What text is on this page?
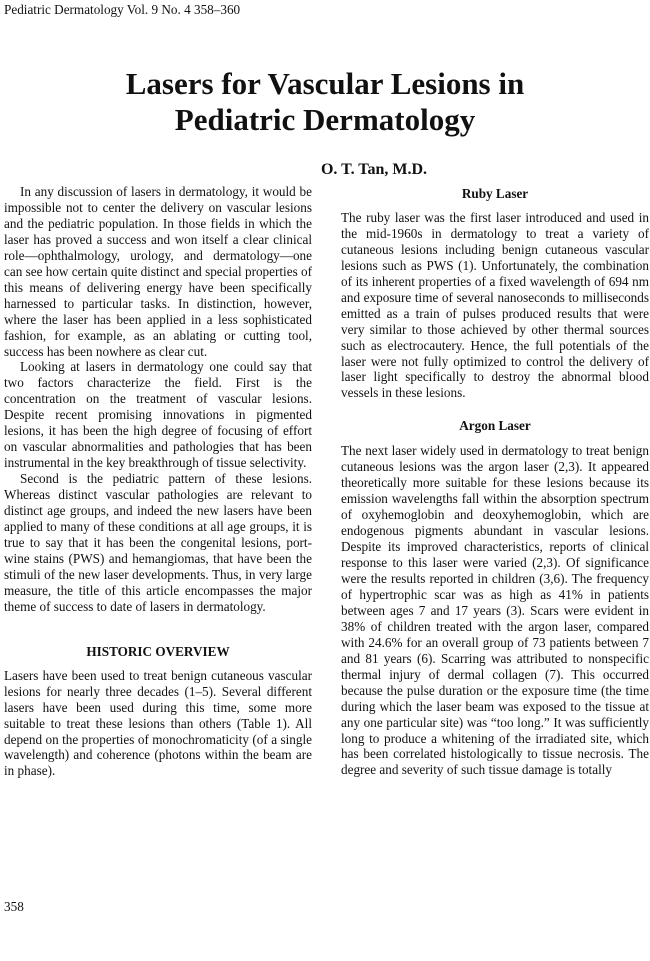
Pediatric Dermatology Vol. 9 No. 4 358–360
Lasers for Vascular Lesions in
Pediatric Dermatology
O. T. Tan, M.D.

In any discussion of lasers in dermatology, it would be impossible not to center the delivery on vascular lesions and the pediatric population. In those fields in which the laser has proved a success and won itself a clear clinical role—ophthalmology, urology, and dermatology—one can see how certain quite distinct and special properties of this means of delivering energy have been specifically harnessed to particular tasks. In distinction, however, where the laser has been applied in a less sophisticated fashion, for example, as an ablating or cutting tool, success has been nowhere as clear cut.

Looking at lasers in dermatology one could say that two factors characterize the field. First is the concentration on the treatment of vascular lesions. Despite recent promising innovations in pigmented lesions, it has been the high degree of focusing of effort on vascular abnormalities and pathologies that has been instrumental in the key breakthrough of tissue selectivity.

Second is the pediatric pattern of these lesions. Whereas distinct vascular pathologies are relevant to distinct age groups, and indeed the new lasers have been applied to many of these conditions at all age groups, it is true to say that it has been the congenital lesions, port-wine stains (PWS) and hemangiomas, that have been the stimuli of the new laser developments. Thus, in very large measure, the title of this article encompasses the major theme of success to date of lasers in dermatology.

HISTORIC OVERVIEW

Lasers have been used to treat benign cutaneous vascular lesions for nearly three decades (1–5). Several different lasers have been used during this time, some more suitable to treat these lesions than others (Table 1). All depend on the properties of monochromaticity (of a single wavelength) and coherence (photons within the beam are in phase).

Ruby Laser

The ruby laser was the first laser introduced and used in the mid-1960s in dermatology to treat a variety of cutaneous lesions including benign cutaneous vascular lesions such as PWS (1). Unfortunately, the combination of its inherent properties of a fixed wavelength of 694 nm and exposure time of several nanoseconds to milliseconds emitted as a train of pulses produced results that were very similar to those achieved by other thermal sources such as electrocautery. Hence, the full potentials of the laser were not fully optimized to control the delivery of laser light specifically to destroy the abnormal blood vessels in these lesions.

Argon Laser

The next laser widely used in dermatology to treat benign cutaneous lesions was the argon laser (2,3). It appeared theoretically more suitable for these lesions because its emission wavelengths fall within the absorption spectrum of oxyhemoglobin and deoxyhemoglobin, which are endogenous pigments abundant in vascular lesions. Despite its improved characteristics, reports of clinical response to this laser were varied (2,3). Of significance were the results reported in children (3,6). The frequency of hypertrophic scar was as high as 41% in patients between ages 7 and 17 years (3). Scars were evident in 38% of children treated with the argon laser, compared with 24.6% for an overall group of 73 patients between 7 and 81 years (6). Scarring was attributed to nonspecific thermal injury of dermal collagen (7). This occurred because the pulse duration or the exposure time (the time during which the laser beam was exposed to the tissue at any one particular site) was “too long.” It was sufficiently long to produce a whitening of the irradiated site, which has been correlated histologically to tissue necrosis. The degree and severity of such tissue damage is totally

358
